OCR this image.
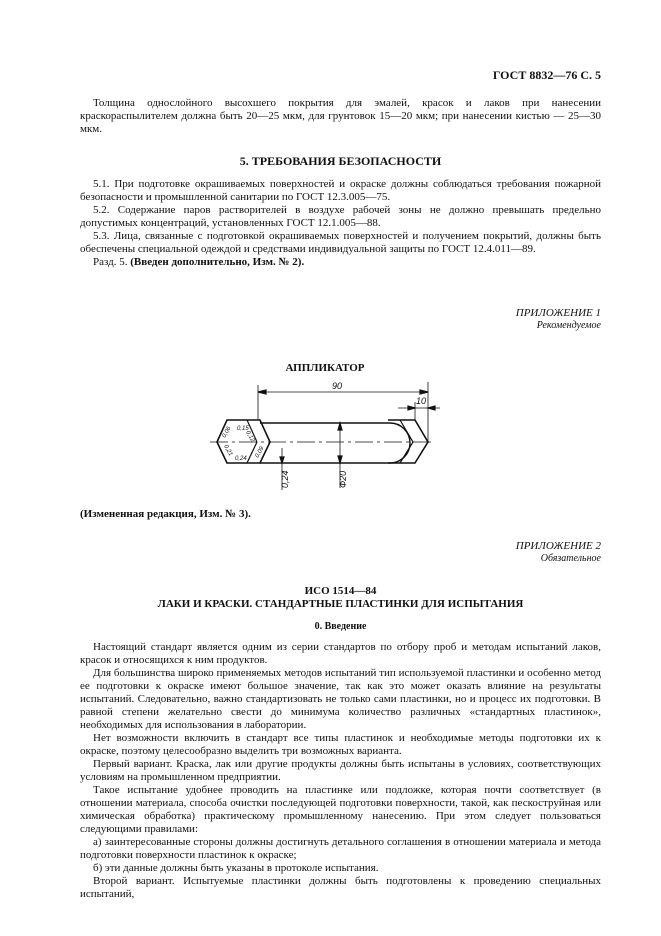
ГОСТ 8832—76 С. 5

Толщина однослойного высохшего покрытия для эмалей, красок и лаков при нанесении краскораспылителем должна быть 20—25 мкм, для грунтовок 15—20 мкм; при нанесении кистью — 25—30 мкм.

5. ТРЕБОВАНИЯ БЕЗОПАСНОСТИ

5.1. При подготовке окрашиваемых поверхностей и окраске должны соблюдаться требования пожарной безопасности и промышленной санитарии по ГОСТ 12.3.005—75.

5.2. Содержание паров растворителей в воздухе рабочей зоны не должно превышать предельно допустимых концентраций, установленных ГОСТ 12.1.005—88.

5.3. Лица, связанные с подготовкой окрашиваемых поверхностей и получением покрытий, должны быть обеспечены специальной одеждой и средствами индивидуальной защиты по ГОСТ 12.4.011—89.

Разд. 5. (Введен дополнительно, Изм. № 2).

ПРИЛОЖЕНИЕ 1
Рекомендуемое
АППЛИКАТОР
90
10
Ф20
0,24
0,06 0,15
0,12
0,09
0,24
0,21
(Измененная редакция, Изм. № 3).
ПРИЛОЖЕНИЕ 2
Обязательное
ИСО 1514—84
ЛАКИ И КРАСКИ. СТАНДАРТНЫЕ ПЛАСТИНКИ ДЛЯ ИСПЫТАНИЯ
0. Введение

Настоящий стандарт является одним из серии стандартов по отбору проб и методам испытаний лаков, красок и относящихся к ним продуктов.

Для большинства широко применяемых методов испытаний тип используемой пластинки и особенно метод ее подготовки к окраске имеют большое значение, так как это может оказать влияние на результаты испытаний. Следовательно, важно стандартизовать не только сами пластинки, но и процесс их подготовки. В равной степени желательно свести до минимума количество различных «стандартных пластинок», необходимых для использования в лаборатории.

Нет возможности включить в стандарт все типы пластинок и необходимые методы подготовки их к окраске, поэтому целесообразно выделить три возможных варианта.

Первый вариант. Краска, лак или другие продукты должны быть испытаны в условиях, соответствующих условиям на промышленном предприятии.

Такое испытание удобнее проводить на пластинке или подложке, которая почти соответствует (в отношении материала, способа очистки последующей подготовки поверхности, такой, как пескоструйная или химическая обработка) практическому промышленному нанесению. При этом следует пользоваться следующими правилами:

а) заинтересованные стороны должны достигнуть детального соглашения в отношении материала и метода подготовки поверхности пластинок к окраске;

б) эти данные должны быть указаны в протоколе испытания.

Второй вариант. Испытуемые пластинки должны быть подготовлены к проведению специальных испытаний,
